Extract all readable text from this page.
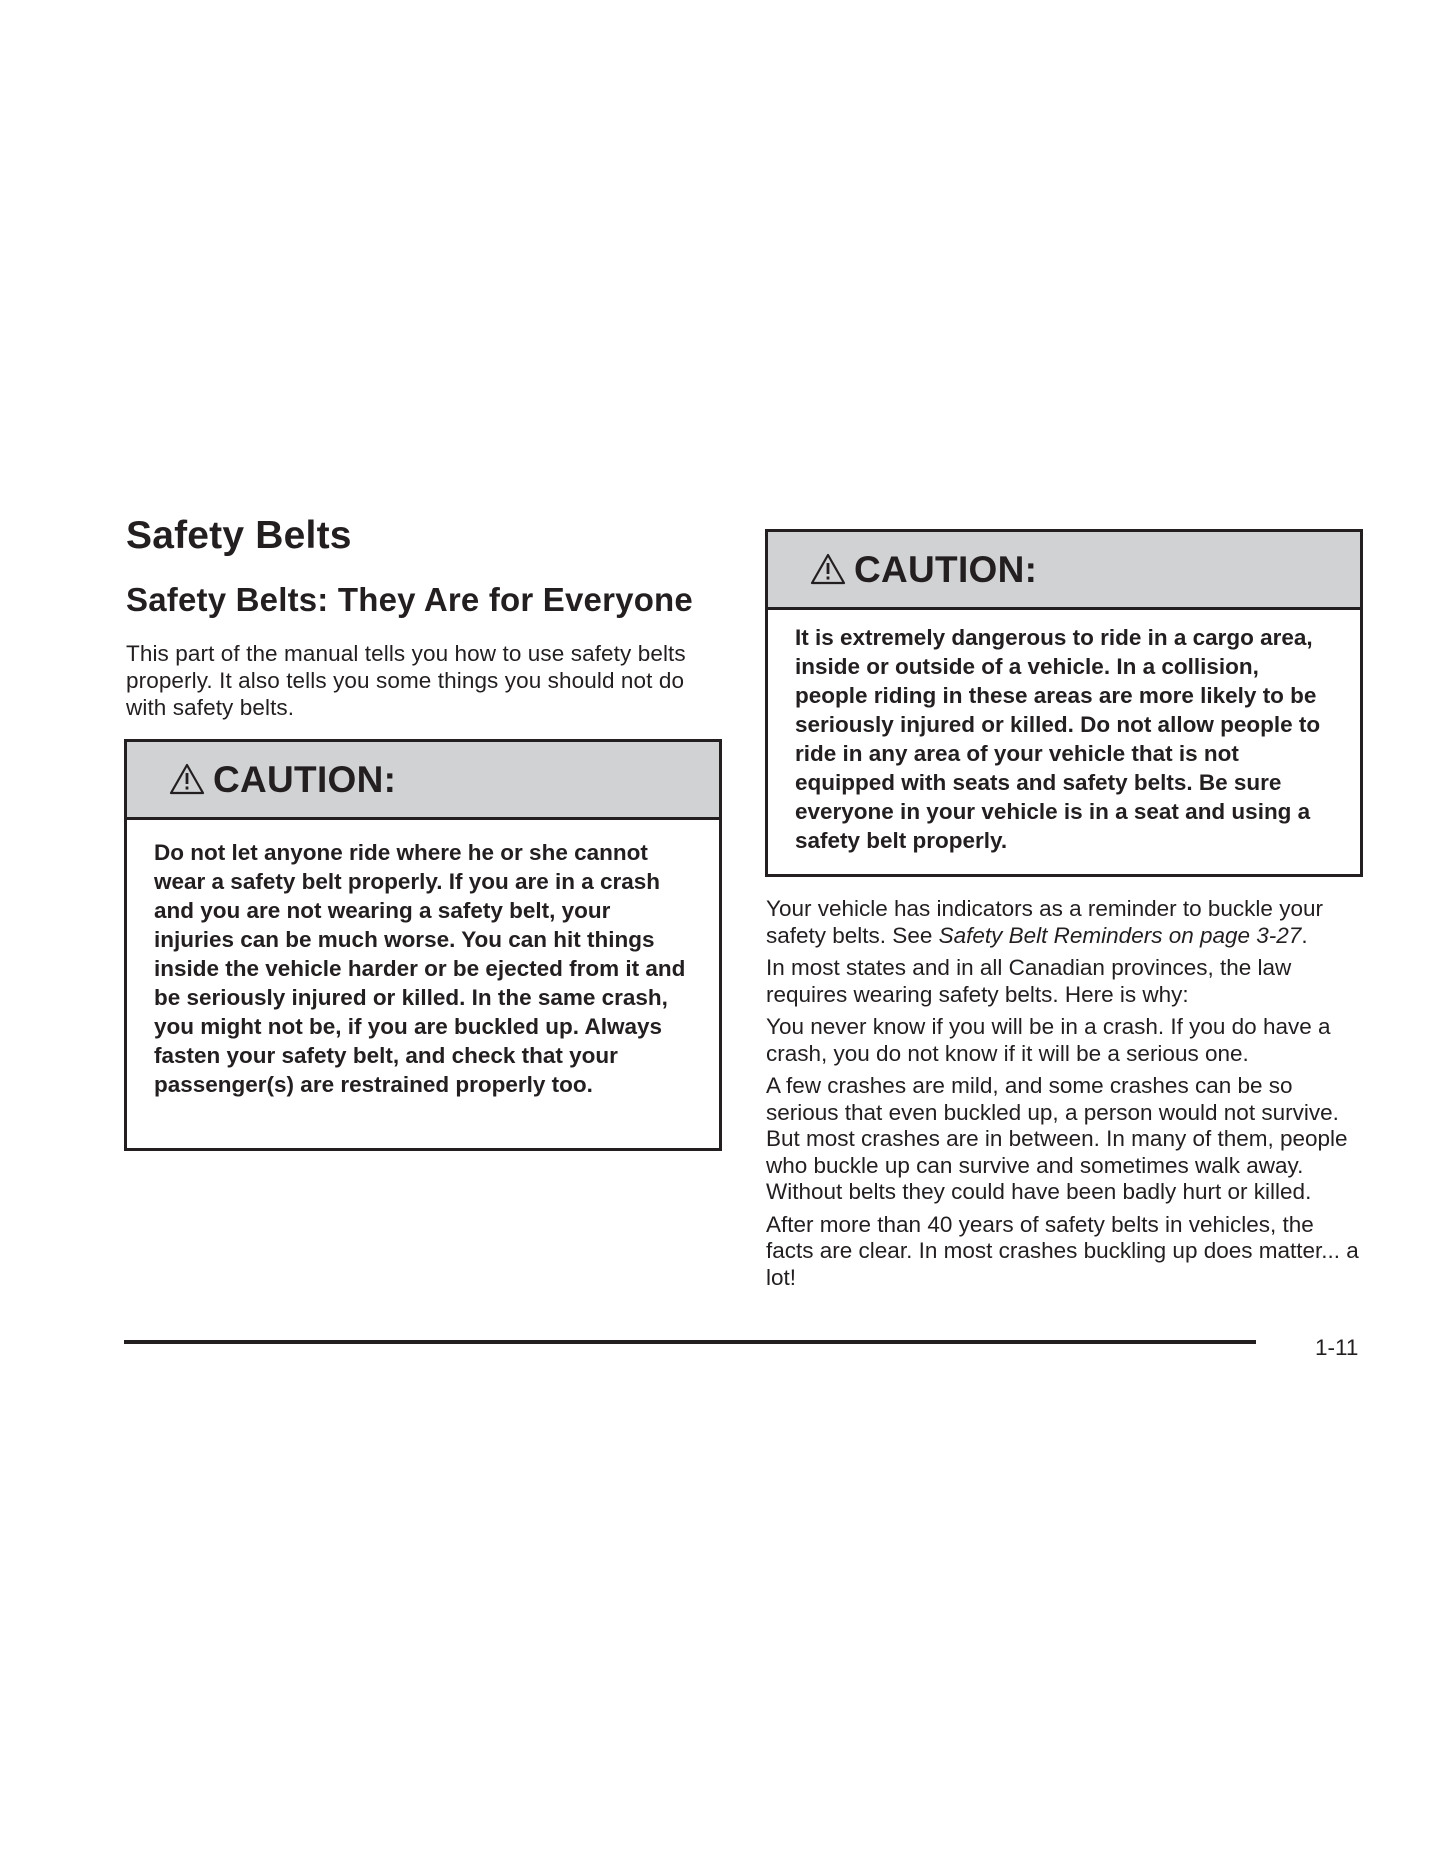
Safety Belts
Safety Belts: They Are for Everyone

This part of the manual tells you how to use safety belts properly. It also tells you some things you should not do with safety belts.

CAUTION:
Do not let anyone ride where he or she cannot wear a safety belt properly. If you are in a crash and you are not wearing a safety belt, your injuries can be much worse. You can hit things inside the vehicle harder or be ejected from it and be seriously injured or killed. In the same crash, you might not be, if you are buckled up. Always fasten your safety belt, and check that your passenger(s) are restrained properly too.
CAUTION:
It is extremely dangerous to ride in a cargo area, inside or outside of a vehicle. In a collision, people riding in these areas are more likely to be seriously injured or killed. Do not allow people to ride in any area of your vehicle that is not equipped with seats and safety belts. Be sure everyone in your vehicle is in a seat and using a safety belt properly.

Your vehicle has indicators as a reminder to buckle your safety belts. See Safety Belt Reminders on page 3-27.

In most states and in all Canadian provinces, the law requires wearing safety belts. Here is why:

You never know if you will be in a crash. If you do have a crash, you do not know if it will be a serious one.

A few crashes are mild, and some crashes can be so serious that even buckled up, a person would not survive. But most crashes are in between. In many of them, people who buckle up can survive and sometimes walk away. Without belts they could have been badly hurt or killed.

After more than 40 years of safety belts in vehicles, the facts are clear. In most crashes buckling up does matter... a lot!

1-11
